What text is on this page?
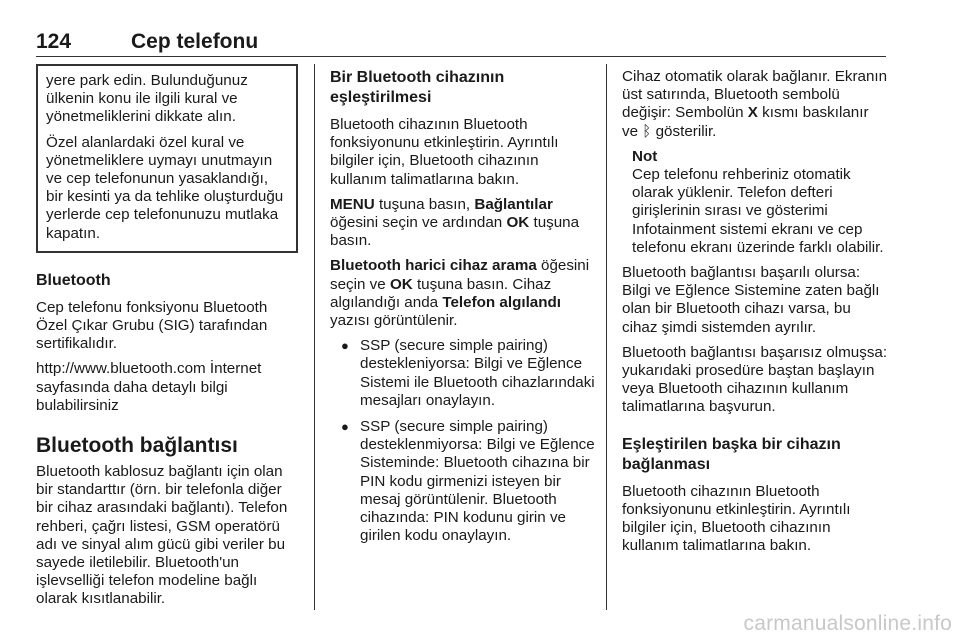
124	Cep telefonu

yere park edin. Bulunduğunuz ülkenin konu ile ilgili kural ve yönetmeliklerini dikkate alın.

Özel alanlardaki özel kural ve yönetmeliklere uymayı unutmayın ve cep telefonunun yasaklandığı, bir kesinti ya da tehlike oluşturduğu yerlerde cep telefonunuzu mutlaka kapatın.

Bluetooth

Cep telefonu fonksiyonu Bluetooth Özel Çıkar Grubu (SIG) tarafından sertifikalıdır.

http://www.bluetooth.com İnternet sayfasında daha detaylı bilgi bulabilirsiniz

Bluetooth bağlantısı

Bluetooth kablosuz bağlantı için olan bir standarttır (örn. bir telefonla diğer bir cihaz arasındaki bağlantı). Telefon rehberi, çağrı listesi, GSM operatörü adı ve sinyal alım gücü gibi veriler bu sayede iletilebilir. Bluetooth'un işlevselliği telefon modeline bağlı olarak kısıtlanabilir.

Bir Bluetooth cihazının eşleştirilmesi

Bluetooth cihazının Bluetooth fonksiyonunu etkinleştirin. Ayrıntılı bilgiler için, Bluetooth cihazının kullanım talimatlarına bakın.

MENU tuşuna basın, Bağlantılar öğesini seçin ve ardından OK tuşuna basın.

Bluetooth harici cihaz arama öğesini seçin ve OK tuşuna basın. Cihaz algılandığı anda Telefon algılandı yazısı görüntülenir.

● SSP (secure simple pairing) destekleniyorsa: Bilgi ve Eğlence Sistemi ile Bluetooth cihazlarındaki mesajları onaylayın.
● SSP (secure simple pairing) desteklenmiyorsa: Bilgi ve Eğlence Sisteminde: Bluetooth cihazına bir PIN kodu girmenizi isteyen bir mesaj görüntülenir. Bluetooth cihazında: PIN kodunu girin ve girilen kodu onaylayın.

Cihaz otomatik olarak bağlanır. Ekranın üst satırında, Bluetooth sembolü değişir: Sembolün X kısmı baskılanır ve ᛒ gösterilir.

Not
Cep telefonu rehberiniz otomatik olarak yüklenir. Telefon defteri girişlerinin sırası ve gösterimi Infotainment sistemi ekranı ve cep telefonu ekranı üzerinde farklı olabilir.

Bluetooth bağlantısı başarılı olursa: Bilgi ve Eğlence Sistemine zaten bağlı olan bir Bluetooth cihazı varsa, bu cihaz şimdi sistemden ayrılır.

Bluetooth bağlantısı başarısız olmuşsa: yukarıdaki prosedüre baştan başlayın veya Bluetooth cihazının kullanım talimatlarına başvurun.

Eşleştirilen başka bir cihazın bağlanması

Bluetooth cihazının Bluetooth fonksiyonunu etkinleştirin. Ayrıntılı bilgiler için, Bluetooth cihazının kullanım talimatlarına bakın.

carmanualsonline.info
